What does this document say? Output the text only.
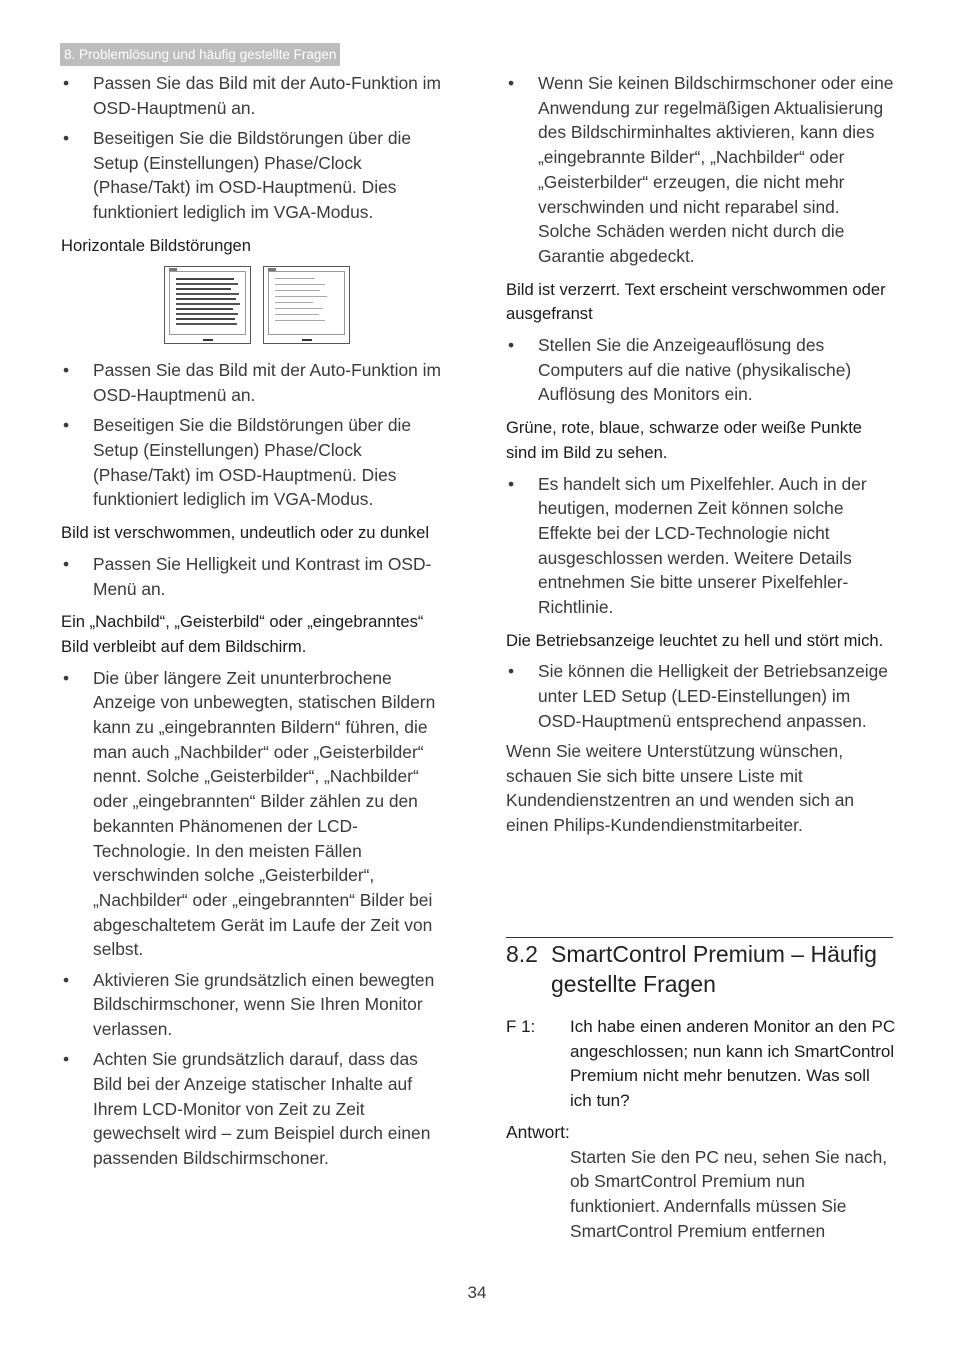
8. Problemlösung und häufig gestellte Fragen
• Passen Sie das Bild mit der Auto-Funktion im OSD-Hauptmenü an.
• Beseitigen Sie die Bildstörungen über die Setup (Einstellungen) Phase/Clock (Phase/Takt) im OSD-Hauptmenü. Dies funktioniert lediglich im VGA-Modus.
Horizontale Bildstörungen
• Passen Sie das Bild mit der Auto-Funktion im OSD-Hauptmenü an.
• Beseitigen Sie die Bildstörungen über die Setup (Einstellungen) Phase/Clock (Phase/Takt) im OSD-Hauptmenü. Dies funktioniert lediglich im VGA-Modus.
Bild ist verschwommen, undeutlich oder zu dunkel
• Passen Sie Helligkeit und Kontrast im OSD-Menü an.
Ein „Nachbild“, „Geisterbild“ oder „eingebranntes“ Bild verbleibt auf dem Bildschirm.
• Die über längere Zeit ununterbrochene Anzeige von unbewegten, statischen Bildern kann zu „eingebrannten Bildern“ führen, die man auch „Nachbilder“ oder „Geisterbilder“ nennt. Solche „Geisterbilder“, „Nachbilder“ oder „eingebrannten“ Bilder zählen zu den bekannten Phänomenen der LCD-Technologie. In den meisten Fällen verschwinden solche „Geisterbilder“, „Nachbilder“ oder „eingebrannten“ Bilder bei abgeschaltetem Gerät im Laufe der Zeit von selbst.
• Aktivieren Sie grundsätzlich einen bewegten Bildschirmschoner, wenn Sie Ihren Monitor verlassen.
• Achten Sie grundsätzlich darauf, dass das Bild bei der Anzeige statischer Inhalte auf Ihrem LCD-Monitor von Zeit zu Zeit gewechselt wird – zum Beispiel durch einen passenden Bildschirmschoner.
• Wenn Sie keinen Bildschirmschoner oder eine Anwendung zur regelmäßigen Aktualisierung des Bildschirminhaltes aktivieren, kann dies „eingebrannte Bilder“, „Nachbilder“ oder „Geisterbilder“ erzeugen, die nicht mehr verschwinden und nicht reparabel sind. Solche Schäden werden nicht durch die Garantie abgedeckt.
Bild ist verzerrt. Text erscheint verschwommen oder ausgefranst
• Stellen Sie die Anzeigeauflösung des Computers auf die native (physikalische) Auflösung des Monitors ein.
Grüne, rote, blaue, schwarze oder weiße Punkte sind im Bild zu sehen.
• Es handelt sich um Pixelfehler. Auch in der heutigen, modernen Zeit können solche Effekte bei der LCD-Technologie nicht ausgeschlossen werden. Weitere Details entnehmen Sie bitte unserer Pixelfehler-Richtlinie.
Die Betriebsanzeige leuchtet zu hell und stört mich.
• Sie können die Helligkeit der Betriebsanzeige unter LED Setup (LED-Einstellungen) im OSD-Hauptmenü entsprechend anpassen.

Wenn Sie weitere Unterstützung wünschen, schauen Sie sich bitte unsere Liste mit Kundendienstzentren an und wenden sich an einen Philips-Kundendienstmitarbeiter.

8.2 SmartControl Premium – Häufig gestellte Fragen
F 1:	Ich habe einen anderen Monitor an den PC angeschlossen; nun kann ich SmartControl Premium nicht mehr benutzen. Was soll ich tun?
Antwort:
Starten Sie den PC neu, sehen Sie nach, ob SmartControl Premium nun funktioniert. Andernfalls müssen Sie SmartControl Premium entfernen
34
